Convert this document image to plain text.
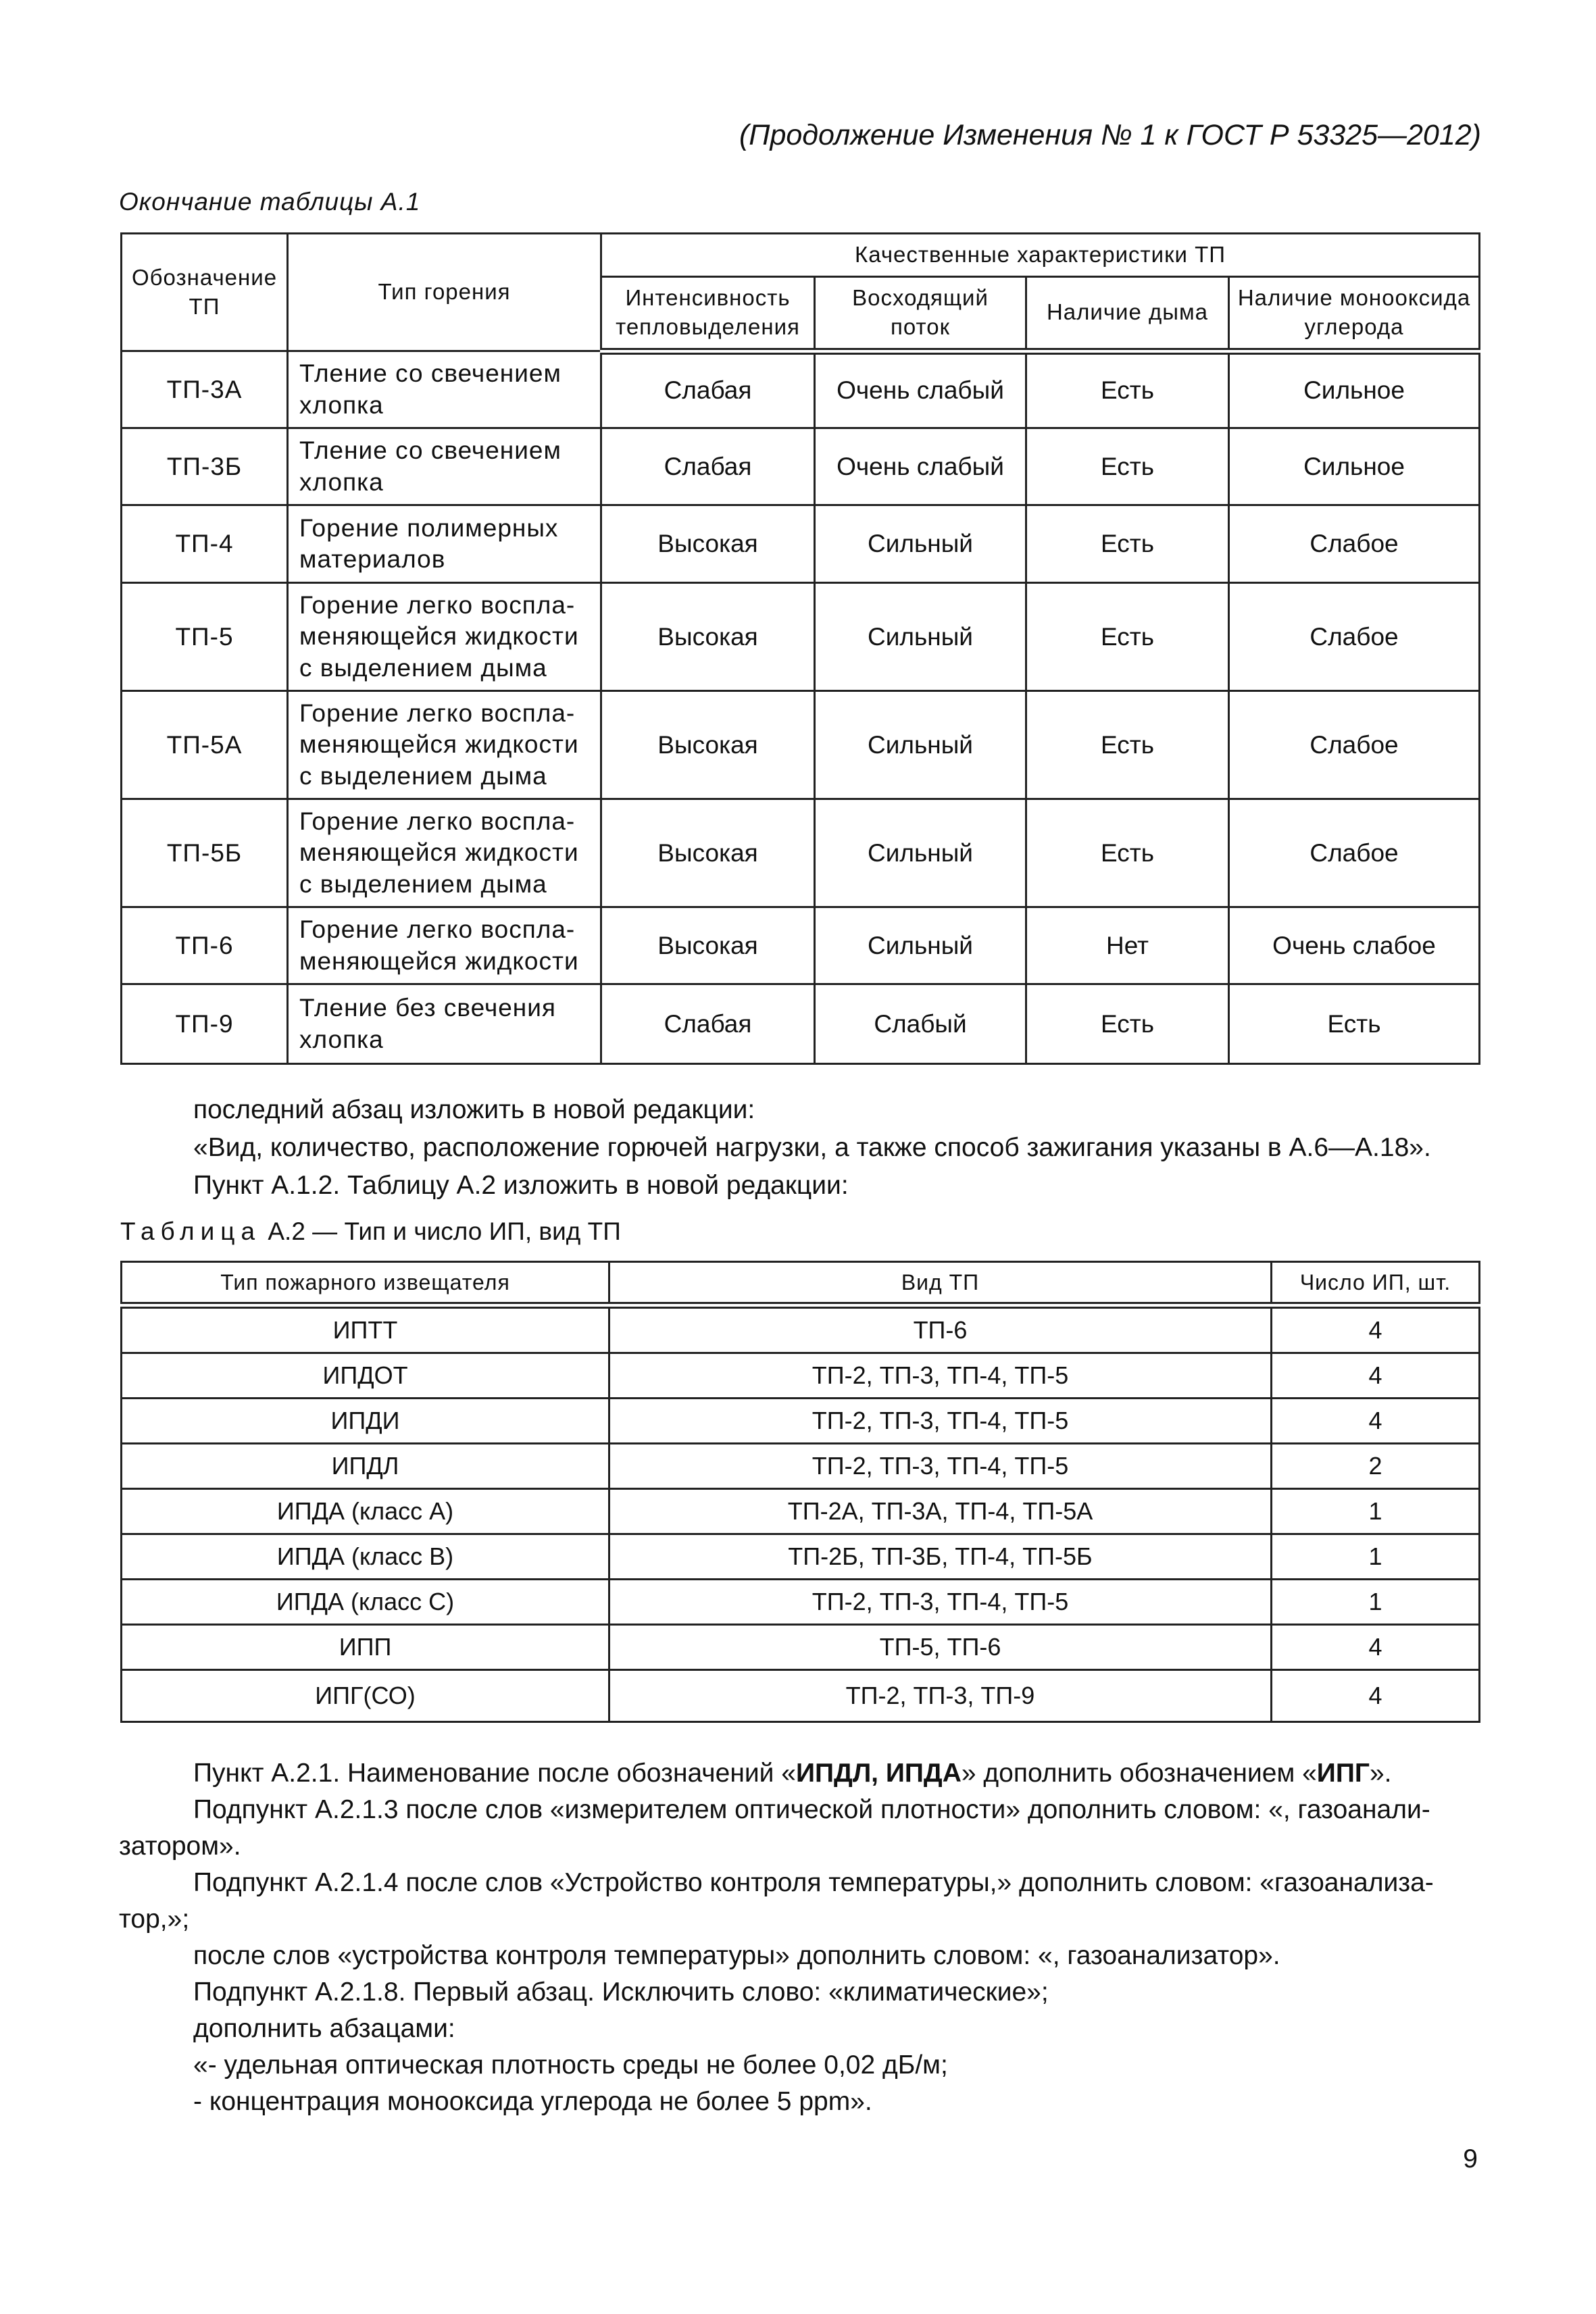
(Продолжение Изменения № 1 к ГОСТ Р 53325—2012)
Окончание таблицы А.1
Обозначение ТП	Тип горения	Качественные характеристики ТП			
		Интенсивность тепловыделения	Восходящий поток	Наличие дыма	Наличие монооксида углерода
ТП-3А	Тление со свечением хлопка	Слабая	Очень слабый	Есть	Сильное
ТП-3Б	Тление со свечением хлопка	Слабая	Очень слабый	Есть	Сильное
ТП-4	Горение полимерных материалов	Высокая	Сильный	Есть	Слабое
ТП-5	Горение легко воспла-меняющейся жидкости с выделением дыма	Высокая	Сильный	Есть	Слабое
ТП-5А	Горение легко воспла-меняющейся жидкости с выделением дыма	Высокая	Сильный	Есть	Слабое
ТП-5Б	Горение легко воспла-меняющейся жидкости с выделением дыма	Высокая	Сильный	Есть	Слабое
ТП-6	Горение легко воспла-меняющейся жидкости	Высокая	Сильный	Нет	Очень слабое
ТП-9	Тление без свечения хлопка	Слабая	Слабый	Есть	Есть
последний абзац изложить в новой редакции:
«Вид, количество, расположение горючей нагрузки, а также способ зажигания указаны в А.6—А.18».
Пункт А.1.2. Таблицу А.2 изложить в новой редакции:
Таблица А.2 — Тип и число ИП, вид ТП
Тип пожарного извещателя	Вид ТП	Число ИП, шт.
ИПТТ	ТП-6	4
ИПДОТ	ТП-2, ТП-3, ТП-4, ТП-5	4
ИПДИ	ТП-2, ТП-3, ТП-4, ТП-5	4
ИПДЛ	ТП-2, ТП-3, ТП-4, ТП-5	2
ИПДА (класс А)	ТП-2А, ТП-3А, ТП-4, ТП-5А	1
ИПДА (класс В)	ТП-2Б, ТП-3Б, ТП-4, ТП-5Б	1
ИПДА (класс С)	ТП-2, ТП-3, ТП-4, ТП-5	1
ИПП	ТП-5, ТП-6	4
ИПГ(СО)	ТП-2, ТП-3, ТП-9	4
Пункт А.2.1. Наименование после обозначений «ИПДЛ, ИПДА» дополнить обозначением «ИПГ».
Подпункт А.2.1.3 после слов «измерителем оптической плотности» дополнить словом: «, газоанали-
затором».
Подпункт А.2.1.4 после слов «Устройство контроля температуры,» дополнить словом: «газоанализа-
тор,»;
после слов «устройства контроля температуры» дополнить словом: «, газоанализатор».
Подпункт А.2.1.8. Первый абзац. Исключить слово: «климатические»;
дополнить абзацами:
«- удельная оптическая плотность среды не более 0,02 дБ/м;
- концентрация монооксида углерода не более 5 ppm».
9
